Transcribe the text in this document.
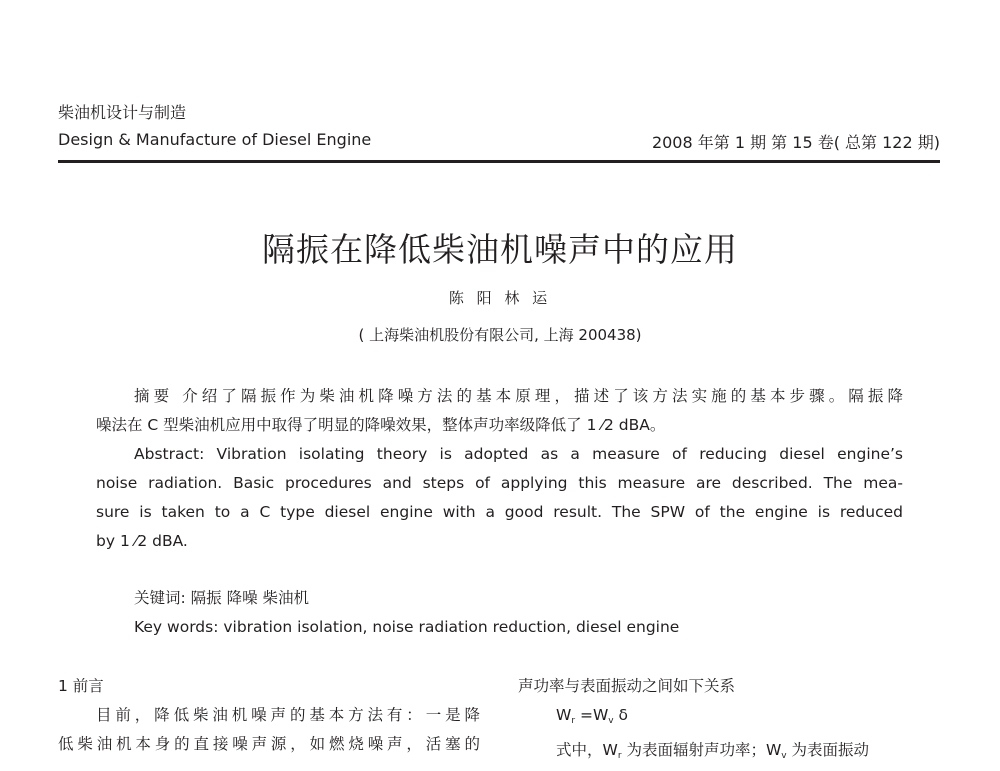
柴油机设计与制造
Design & Manufacture of Diesel Engine	2008 年第 1 期 第 15 卷( 总第 122 期)
隔振在降低柴油机噪声中的应用
陈 阳 林 运
( 上海柴油机股份有限公司, 上海 200438)
摘要 介绍了隔振作为柴油机降噪方法的基本原理，描述了该方法实施的基本步骤。隔振降
噪法在 C 型柴油机应用中取得了明显的降噪效果，整体声功率级降低了 1 ⁄2 dBA。
Abstract: Vibration isolating theory is adopted as a measure of reducing diesel engine’s
noise radiation. Basic procedures and steps of applying this measure are described. The mea-
sure is taken to a C type diesel engine with a good result. The SPW of the engine is reduced
by 1 ⁄2 dBA.
关键词: 隔振 降噪 柴油机
Key words: vibration isolation, noise radiation reduction, diesel engine
1 前言
目前，降低柴油机噪声的基本方法有：一是降
低柴油机本身的直接噪声源，如燃烧噪声，活塞的
声功率与表面振动之间如下关系
$W_r =W_v$ δ
式中，$W_r$ 为表面辐射声功率；$W_v$ 为表面振动
